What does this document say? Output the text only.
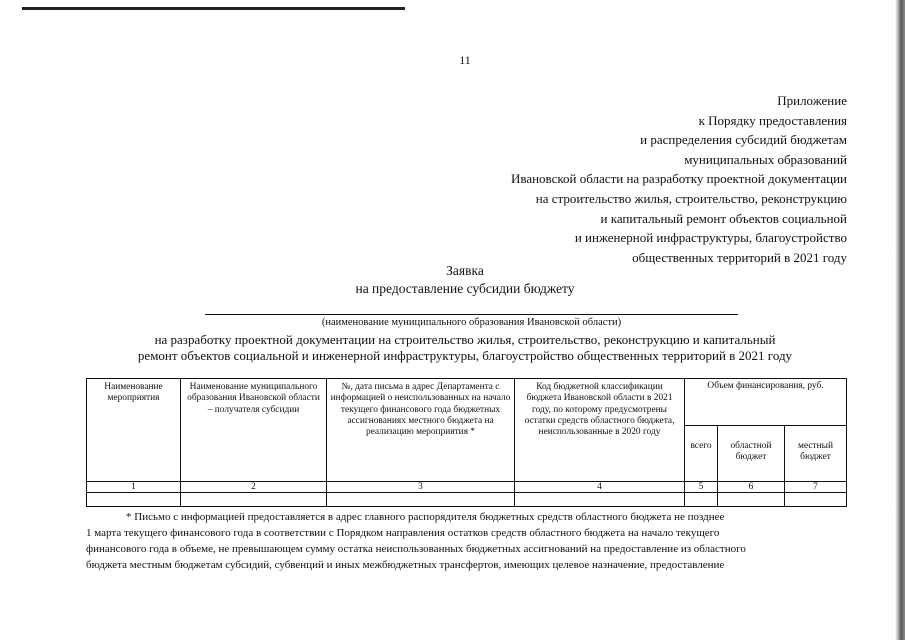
11
Приложение
к Порядку предоставления
и распределения субсидий бюджетам
муниципальных образований
Ивановской области на разработку проектной документации
на строительство жилья, строительство, реконструкцию
и капитальный ремонт объектов социальной
и инженерной инфраструктуры, благоустройство
общественных территорий в 2021 году
Заявка
на предоставление субсидии бюджету
(наименование муниципального образования Ивановской области)
на разработку проектной документации на строительство жилья, строительство, реконструкцию и капитальный
ремонт объектов социальной и инженерной инфраструктуры, благоустройство общественных территорий в 2021 году
Наименование мероприятия	Наименование муниципального образования Ивановской области – получателя субсидии	№, дата письма в адрес Департамента с информацией о неиспользованных на начало текущего финансового года бюджетных ассигнованиях местного бюджета на реализацию мероприятия *	Код бюджетной классификации бюджета Ивановской области в 2021 году, по которому предусмотрены остатки средств областного бюджета, неиспользованные в 2020 году	Объем финансирования, руб.		
				всего	областной бюджет	местный бюджет
1	2	3	4	5	6	7

* Письмо с информацией предоставляется в адрес главного распорядителя бюджетных средств областного бюджета не позднее

1 марта текущего финансового года в соответствии с Порядком направления остатков средств областного бюджета на начало текущего

финансового года в объеме, не превышающем сумму остатка неиспользованных бюджетных ассигнований на предоставление из областного

бюджета местным бюджетам субсидий, субвенций и иных межбюджетных трансфертов, имеющих целевое назначение, предоставление
